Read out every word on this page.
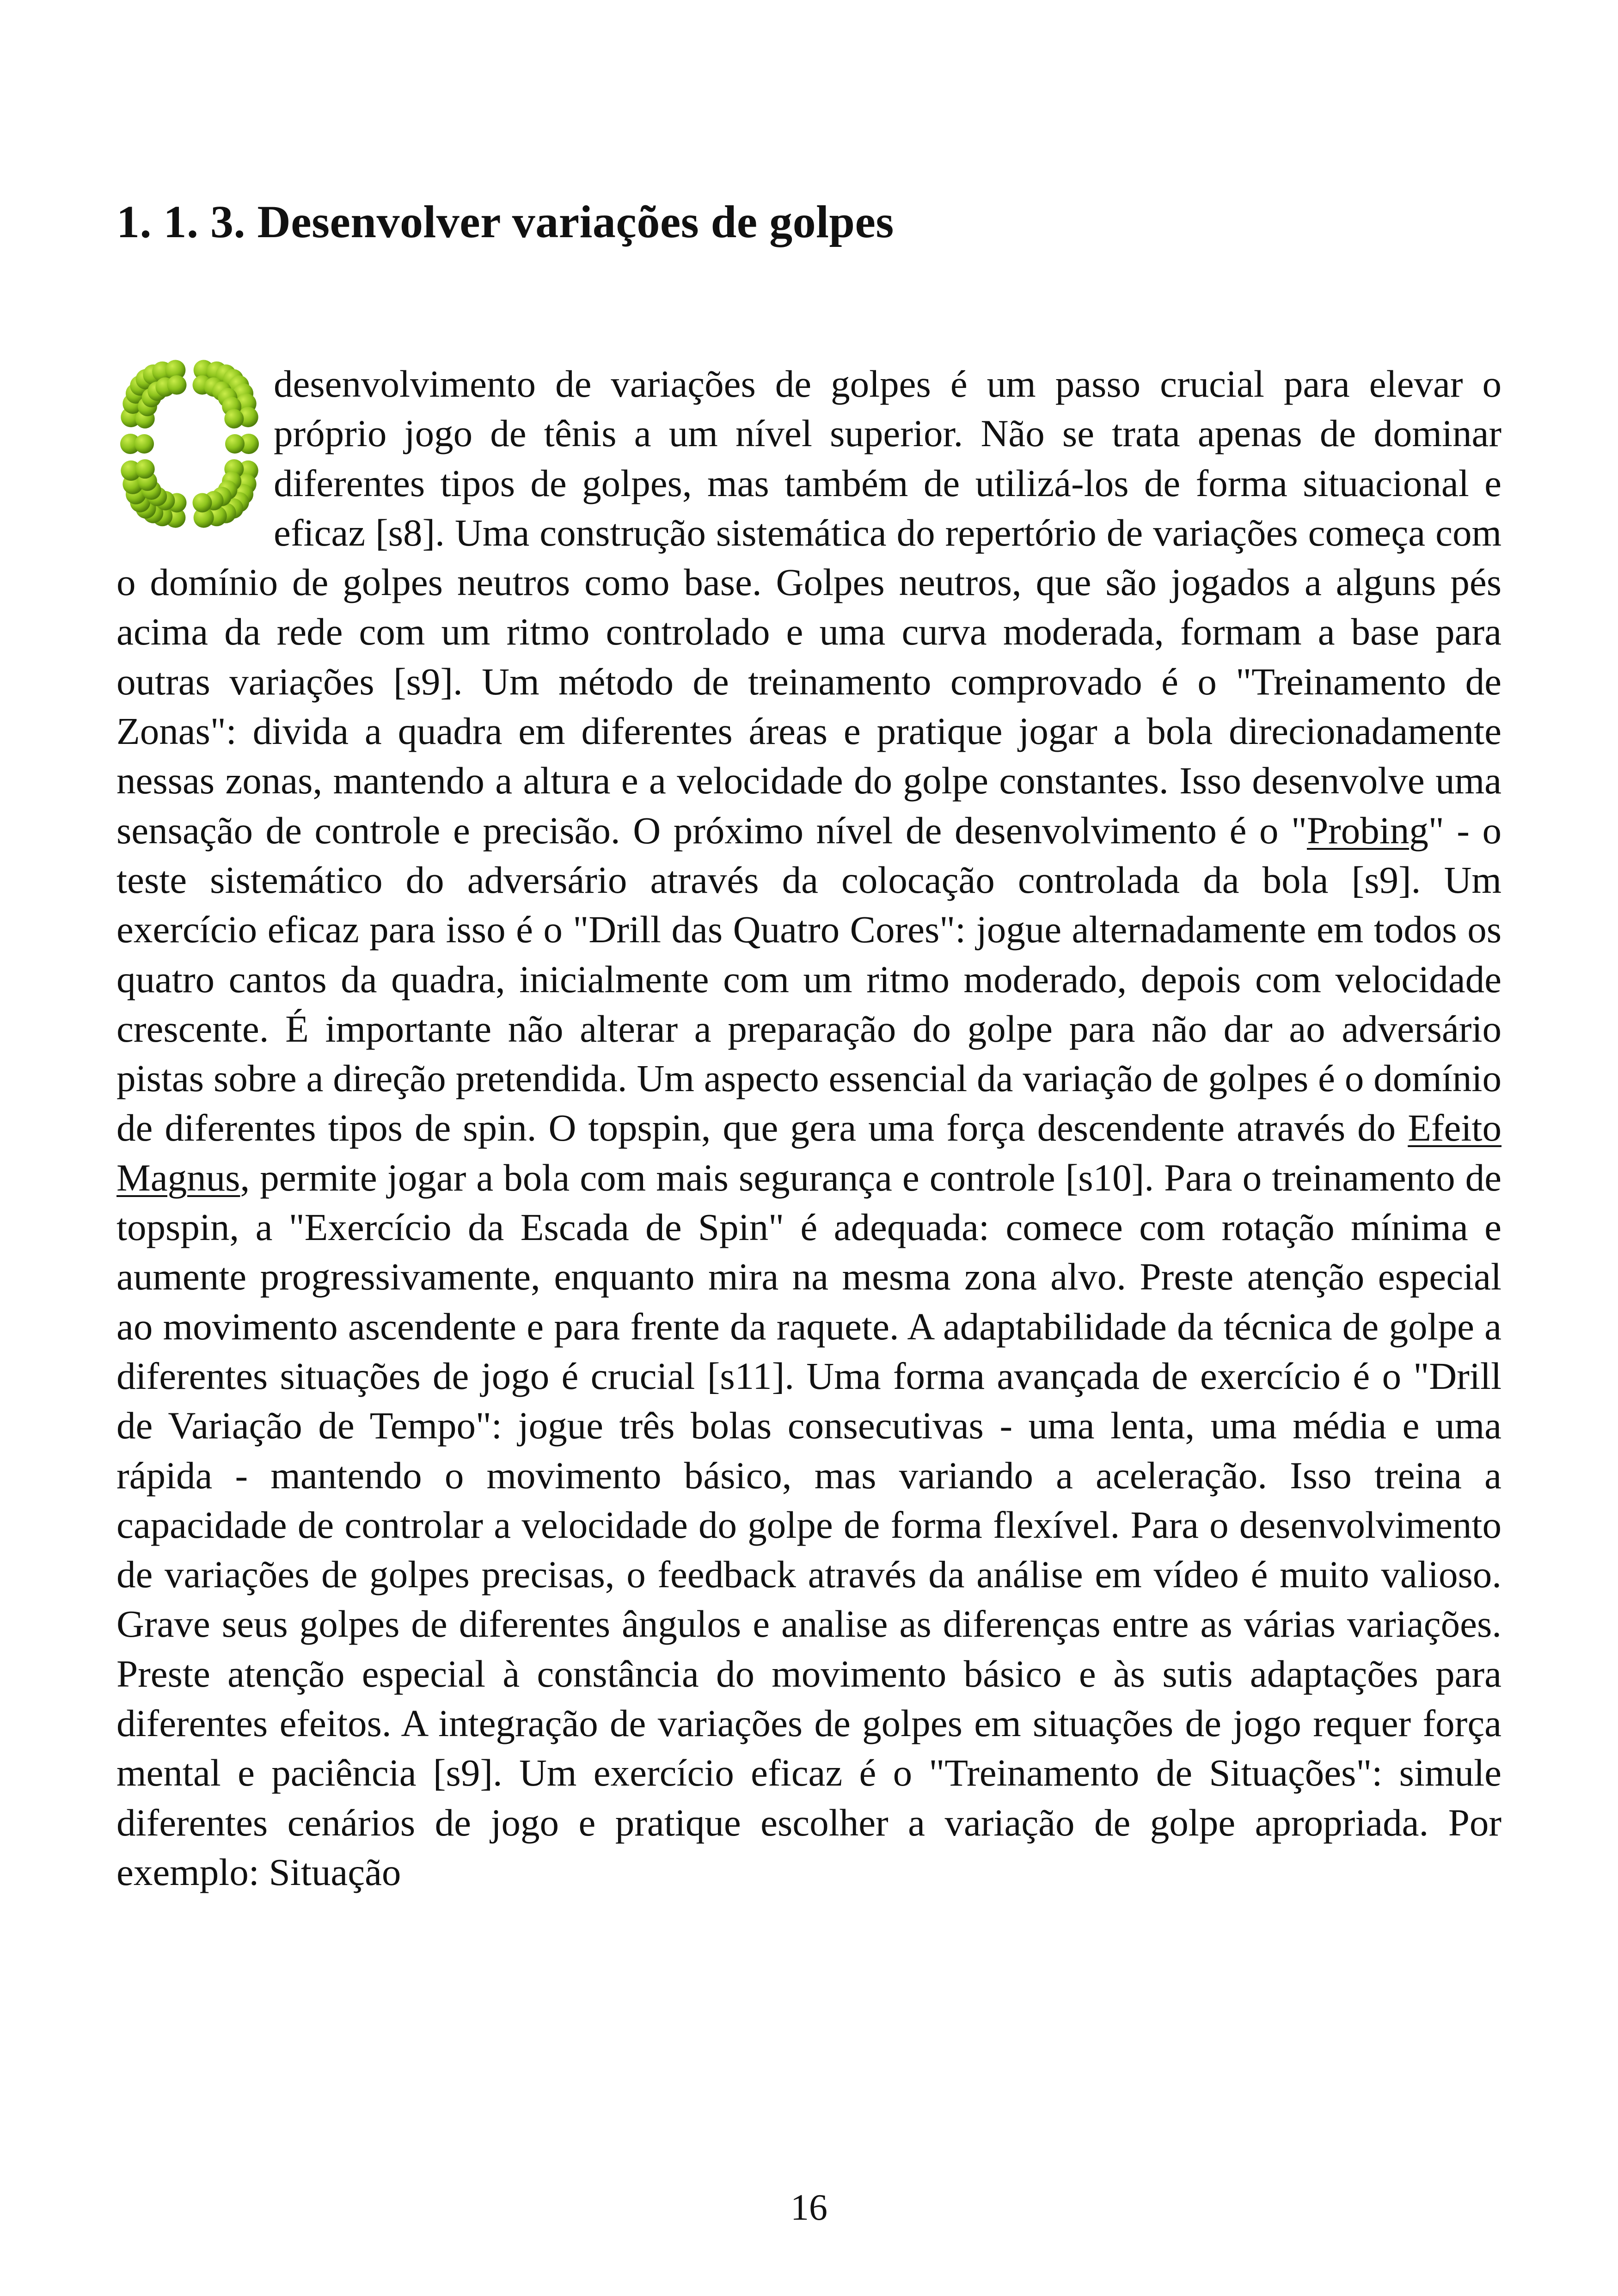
1. 1. 3. Desenvolver variações de golpes

desenvolvimento de variações de golpes é um passo crucial para elevar o próprio jogo de tênis a um nível superior. Não se trata apenas de dominar diferentes tipos de golpes, mas também de utilizá-los de forma situacional e eficaz [s8]. Uma construção sistemática do repertório de variações começa com o domínio de golpes neutros como base. Golpes neutros, que são jogados a alguns pés acima da rede com um ritmo controlado e uma curva moderada, formam a base para outras variações [s9]. Um método de treinamento comprovado é o "Treinamento de Zonas": divida a quadra em diferentes áreas e pratique jogar a bola direcionadamente nessas zonas, mantendo a altura e a velocidade do golpe constantes. Isso desenvolve uma sensação de controle e precisão. O próximo nível de desenvolvimento é o "Probing" - o teste sistemático do adversário através da colocação controlada da bola [s9]. Um exercício eficaz para isso é o "Drill das Quatro Cores": jogue alternadamente em todos os quatro cantos da quadra, inicialmente com um ritmo moderado, depois com velocidade crescente. É importante não alterar a preparação do golpe para não dar ao adversário pistas sobre a direção pretendida. Um aspecto essencial da variação de golpes é o domínio de diferentes tipos de spin. O topspin, que gera uma força descendente através do Efeito Magnus, permite jogar a bola com mais segurança e controle [s10]. Para o treinamento de topspin, a "Exercício da Escada de Spin" é adequada: comece com rotação mínima e aumente progressivamente, enquanto mira na mesma zona alvo. Preste atenção especial ao movimento ascendente e para frente da raquete. A adaptabilidade da técnica de golpe a diferentes situações de jogo é crucial [s11]. Uma forma avançada de exercício é o "Drill de Variação de Tempo": jogue três bolas consecutivas - uma lenta, uma média e uma rápida - mantendo o movimento básico, mas variando a aceleração. Isso treina a capacidade de controlar a velocidade do golpe de forma flexível. Para o desenvolvimento de variações de golpes precisas, o feedback através da análise em vídeo é muito valioso. Grave seus golpes de diferentes ângulos e analise as diferenças entre as várias variações. Preste atenção especial à constância do movimento básico e às sutis adaptações para diferentes efeitos. A integração de variações de golpes em situações de jogo requer força mental e paciência [s9]. Um exercício eficaz é o "Treinamento de Situações": simule diferentes cenários de jogo e pratique escolher a variação de golpe apropriada. Por exemplo: Situação

16
